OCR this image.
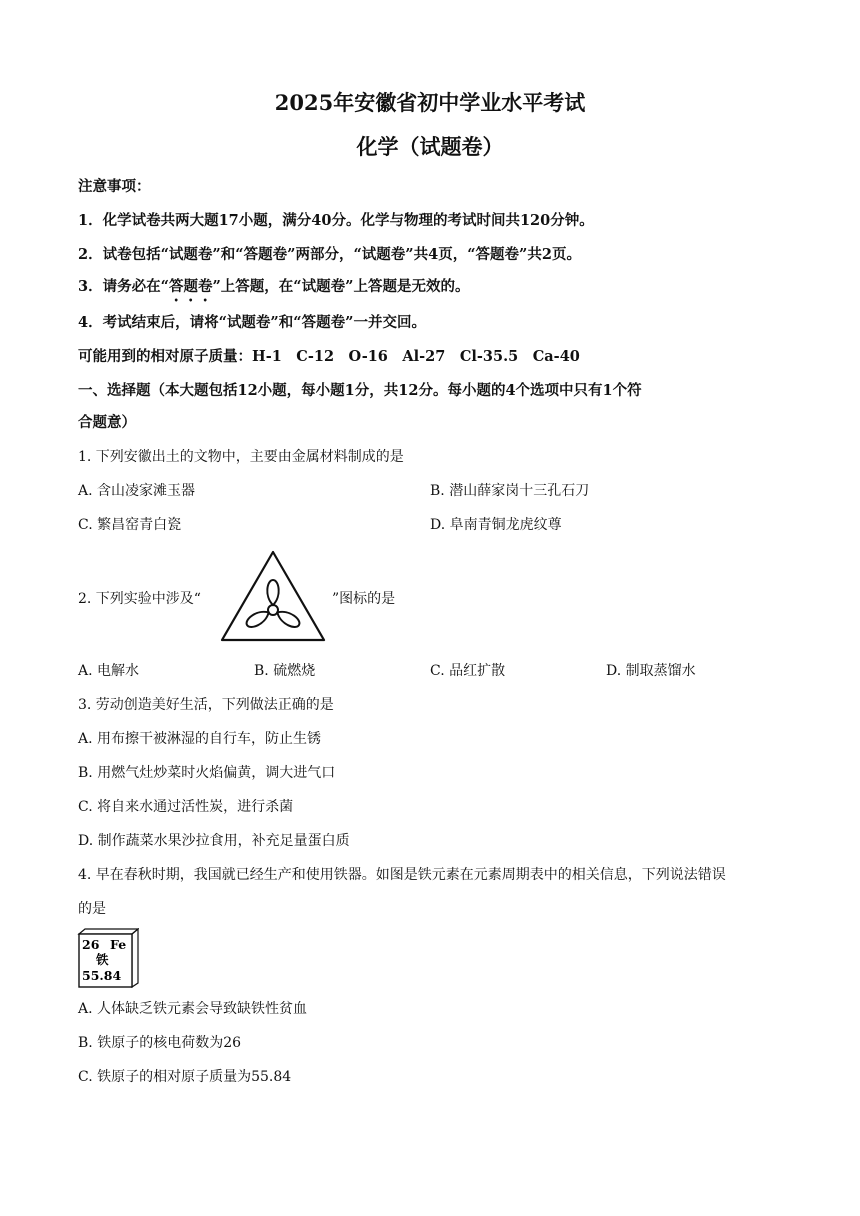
2025年安徽省初中学业水平考试
化学（试题卷）
注意事项：
1．化学试卷共两大题17小题，满分40分。化学与物理的考试时间共120分钟。
2．试卷包括“试题卷”和“答题卷”两部分，“试题卷”共4页，“答题卷”共2页。
3．请务必在“答题卷”上答题，在“试题卷”上答题是无效的。
4．考试结束后，请将“试题卷”和“答题卷”一并交回。
可能用到的相对原子质量：H-1　C-12　O-16　Al-27　Cl-35.5　Ca-40
一、选择题（本大题包括12小题，每小题1分，共12分。每小题的4个选项中只有1个符
合题意）
1. 下列安徽出土的文物中，主要由金属材料制成的是
A. 含山凌家滩玉器	B. 潜山薛家岗十三孔石刀
C. 繁昌窑青白瓷	D. 阜南青铜龙虎纹尊
2. 下列实验中涉及“	”图标的是
A. 电解水	B. 硫燃烧	C. 品红扩散	D. 制取蒸馏水
3. 劳动创造美好生活，下列做法正确的是
A. 用布擦干被淋湿的自行车，防止生锈
B. 用燃气灶炒菜时火焰偏黄，调大进气口
C. 将自来水通过活性炭，进行杀菌
D. 制作蔬菜水果沙拉食用，补充足量蛋白质
4. 早在春秋时期，我国就已经生产和使用铁器。如图是铁元素在元素周期表中的相关信息，下列说法错误
的是
26 Fe
铁
55.84
A. 人体缺乏铁元素会导致缺铁性贫血
B. 铁原子的核电荷数为26
C. 铁原子的相对原子质量为55.84
